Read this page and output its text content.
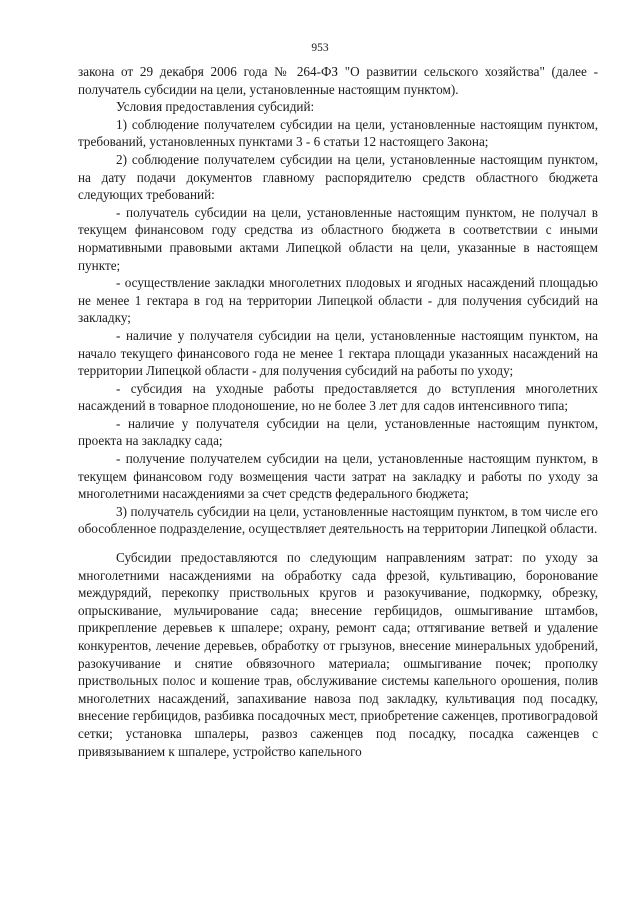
953

закона от 29 декабря 2006 года № 264-ФЗ "О развитии сельского хозяйства" (далее - получатель субсидии на цели, установленные настоящим пунктом).

Условия предоставления субсидий:

1) соблюдение получателем субсидии на цели, установленные настоящим пунктом, требований, установленных пунктами 3 - 6 статьи 12 настоящего Закона;

2) соблюдение получателем субсидии на цели, установленные настоящим пунктом, на дату подачи документов главному распорядителю средств областного бюджета следующих требований:

- получатель субсидии на цели, установленные настоящим пунктом, не получал в текущем финансовом году средства из областного бюджета в соответствии с иными нормативными правовыми актами Липецкой области на цели, указанные в настоящем пункте;

- осуществление закладки многолетних плодовых и ягодных насаждений площадью не менее 1 гектара в год на территории Липецкой области - для получения субсидий на закладку;

- наличие у получателя субсидии на цели, установленные настоящим пунктом, на начало текущего финансового года не менее 1 гектара площади указанных насаждений на территории Липецкой области - для получения субсидий на работы по уходу;

- субсидия на уходные работы предоставляется до вступления многолетних насаждений в товарное плодоношение, но не более 3 лет для садов интенсивного типа;

- наличие у получателя субсидии на цели, установленные настоящим пунктом, проекта на закладку сада;

- получение получателем субсидии на цели, установленные настоящим пунктом, в текущем финансовом году возмещения части затрат на закладку и работы по уходу за многолетними насаждениями за счет средств федерального бюджета;

3) получатель субсидии на цели, установленные настоящим пунктом, в том числе его обособленное подразделение, осуществляет деятельность на территории Липецкой области.

Субсидии предоставляются по следующим направлениям затрат: по уходу за многолетними насаждениями на обработку сада фрезой, культивацию, боронование междурядий, перекопку приствольных кругов и разокучивание, подкормку, обрезку, опрыскивание, мульчирование сада; внесение гербицидов, ошмыгивание штамбов, прикрепление деревьев к шпалере; охрану, ремонт сада; оттягивание ветвей и удаление конкурентов, лечение деревьев, обработку от грызунов, внесение минеральных удобрений, разокучивание и снятие обвязочного материала; ошмыгивание почек; прополку приствольных полос и кошение трав, обслуживание системы капельного орошения, полив многолетних насаждений, запахивание навоза под закладку, культивация под посадку, внесение гербицидов, разбивка посадочных мест, приобретение саженцев, противоградовой сетки; установка шпалеры, развоз саженцев под посадку, посадка саженцев с привязыванием к шпалере, устройство капельного
